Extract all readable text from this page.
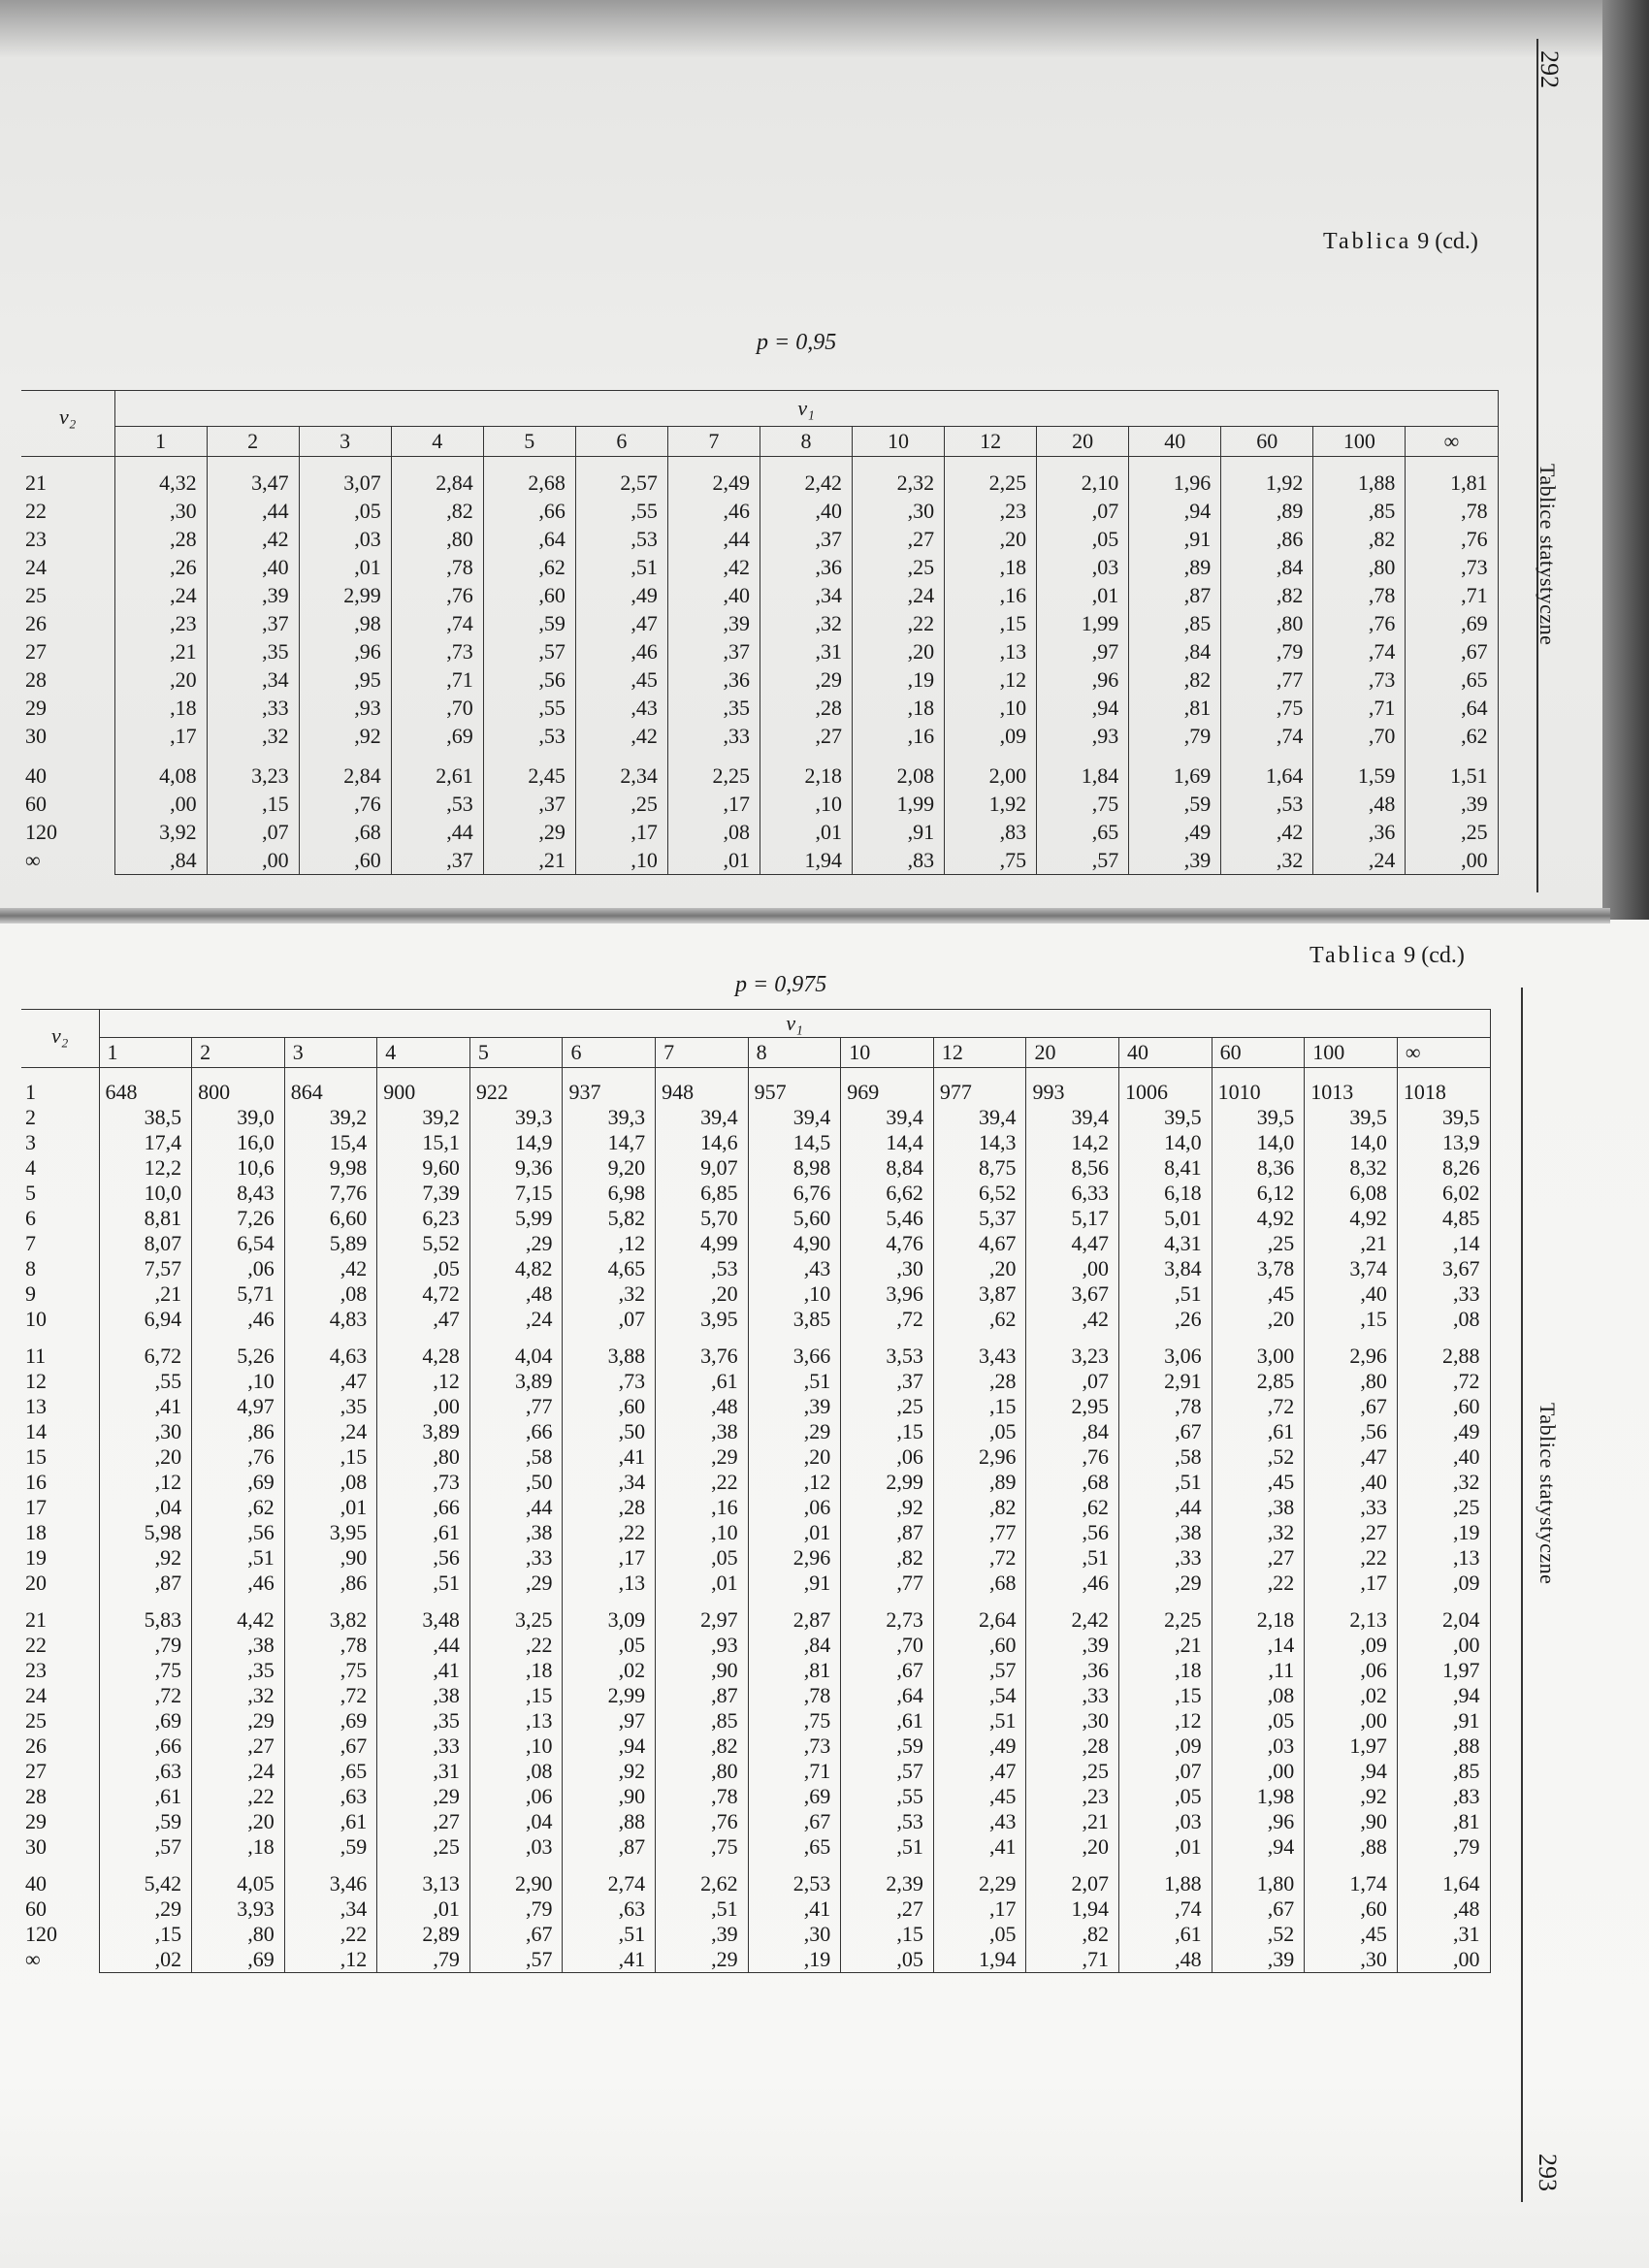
292
Tablice statystyczne
Tablica 9 (cd.)
p = 0,95
v₂	v₁														
	1	2	3	4	5	6	7	8	10	12	20	40	60	100	∞

21	4,32	3,47	3,07	2,84	2,68	2,57	2,49	2,42	2,32	2,25	2,10	1,96	1,92	1,88	1,81
22	,30	,44	,05	,82	,66	,55	,46	,40	,30	,23	,07	,94	,89	,85	,78
23	,28	,42	,03	,80	,64	,53	,44	,37	,27	,20	,05	,91	,86	,82	,76
24	,26	,40	,01	,78	,62	,51	,42	,36	,25	,18	,03	,89	,84	,80	,73
25	,24	,39	2,99	,76	,60	,49	,40	,34	,24	,16	,01	,87	,82	,78	,71
26	,23	,37	,98	,74	,59	,47	,39	,32	,22	,15	1,99	,85	,80	,76	,69
27	,21	,35	,96	,73	,57	,46	,37	,31	,20	,13	,97	,84	,79	,74	,67
28	,20	,34	,95	,71	,56	,45	,36	,29	,19	,12	,96	,82	,77	,73	,65
29	,18	,33	,93	,70	,55	,43	,35	,28	,18	,10	,94	,81	,75	,71	,64
30	,17	,32	,92	,69	,53	,42	,33	,27	,16	,09	,93	,79	,74	,70	,62

40	4,08	3,23	2,84	2,61	2,45	2,34	2,25	2,18	2,08	2,00	1,84	1,69	1,64	1,59	1,51
60	,00	,15	,76	,53	,37	,25	,17	,10	1,99	1,92	,75	,59	,53	,48	,39
120	3,92	,07	,68	,44	,29	,17	,08	,01	,91	,83	,65	,49	,42	,36	,25
∞	,84	,00	,60	,37	,21	,10	,01	1,94	,83	,75	,57	,39	,32	,24	,00
293
Tablice statystyczne
Tablica 9 (cd.)
p = 0,975
v₂	v₁														
	1	2	3	4	5	6	7	8	10	12	20	40	60	100	∞

1	648	800	864	900	922	937	948	957	969	977	993	1006	1010	1013	1018
2	38,5	39,0	39,2	39,2	39,3	39,3	39,4	39,4	39,4	39,4	39,4	39,5	39,5	39,5	39,5
3	17,4	16,0	15,4	15,1	14,9	14,7	14,6	14,5	14,4	14,3	14,2	14,0	14,0	14,0	13,9
4	12,2	10,6	9,98	9,60	9,36	9,20	9,07	8,98	8,84	8,75	8,56	8,41	8,36	8,32	8,26
5	10,0	8,43	7,76	7,39	7,15	6,98	6,85	6,76	6,62	6,52	6,33	6,18	6,12	6,08	6,02
6	8,81	7,26	6,60	6,23	5,99	5,82	5,70	5,60	5,46	5,37	5,17	5,01	4,92	4,92	4,85
7	8,07	6,54	5,89	5,52	,29	,12	4,99	4,90	4,76	4,67	4,47	4,31	,25	,21	,14
8	7,57	,06	,42	,05	4,82	4,65	,53	,43	,30	,20	,00	3,84	3,78	3,74	3,67
9	,21	5,71	,08	4,72	,48	,32	,20	,10	3,96	3,87	3,67	,51	,45	,40	,33
10	6,94	,46	4,83	,47	,24	,07	3,95	3,85	,72	,62	,42	,26	,20	,15	,08

11	6,72	5,26	4,63	4,28	4,04	3,88	3,76	3,66	3,53	3,43	3,23	3,06	3,00	2,96	2,88
12	,55	,10	,47	,12	3,89	,73	,61	,51	,37	,28	,07	2,91	2,85	,80	,72
13	,41	4,97	,35	,00	,77	,60	,48	,39	,25	,15	2,95	,78	,72	,67	,60
14	,30	,86	,24	3,89	,66	,50	,38	,29	,15	,05	,84	,67	,61	,56	,49
15	,20	,76	,15	,80	,58	,41	,29	,20	,06	2,96	,76	,58	,52	,47	,40
16	,12	,69	,08	,73	,50	,34	,22	,12	2,99	,89	,68	,51	,45	,40	,32
17	,04	,62	,01	,66	,44	,28	,16	,06	,92	,82	,62	,44	,38	,33	,25
18	5,98	,56	3,95	,61	,38	,22	,10	,01	,87	,77	,56	,38	,32	,27	,19
19	,92	,51	,90	,56	,33	,17	,05	2,96	,82	,72	,51	,33	,27	,22	,13
20	,87	,46	,86	,51	,29	,13	,01	,91	,77	,68	,46	,29	,22	,17	,09

21	5,83	4,42	3,82	3,48	3,25	3,09	2,97	2,87	2,73	2,64	2,42	2,25	2,18	2,13	2,04
22	,79	,38	,78	,44	,22	,05	,93	,84	,70	,60	,39	,21	,14	,09	,00
23	,75	,35	,75	,41	,18	,02	,90	,81	,67	,57	,36	,18	,11	,06	1,97
24	,72	,32	,72	,38	,15	2,99	,87	,78	,64	,54	,33	,15	,08	,02	,94
25	,69	,29	,69	,35	,13	,97	,85	,75	,61	,51	,30	,12	,05	,00	,91
26	,66	,27	,67	,33	,10	,94	,82	,73	,59	,49	,28	,09	,03	1,97	,88
27	,63	,24	,65	,31	,08	,92	,80	,71	,57	,47	,25	,07	,00	,94	,85
28	,61	,22	,63	,29	,06	,90	,78	,69	,55	,45	,23	,05	1,98	,92	,83
29	,59	,20	,61	,27	,04	,88	,76	,67	,53	,43	,21	,03	,96	,90	,81
30	,57	,18	,59	,25	,03	,87	,75	,65	,51	,41	,20	,01	,94	,88	,79

40	5,42	4,05	3,46	3,13	2,90	2,74	2,62	2,53	2,39	2,29	2,07	1,88	1,80	1,74	1,64
60	,29	3,93	,34	,01	,79	,63	,51	,41	,27	,17	1,94	,74	,67	,60	,48
120	,15	,80	,22	2,89	,67	,51	,39	,30	,15	,05	,82	,61	,52	,45	,31
∞	,02	,69	,12	,79	,57	,41	,29	,19	,05	1,94	,71	,48	,39	,30	,00
